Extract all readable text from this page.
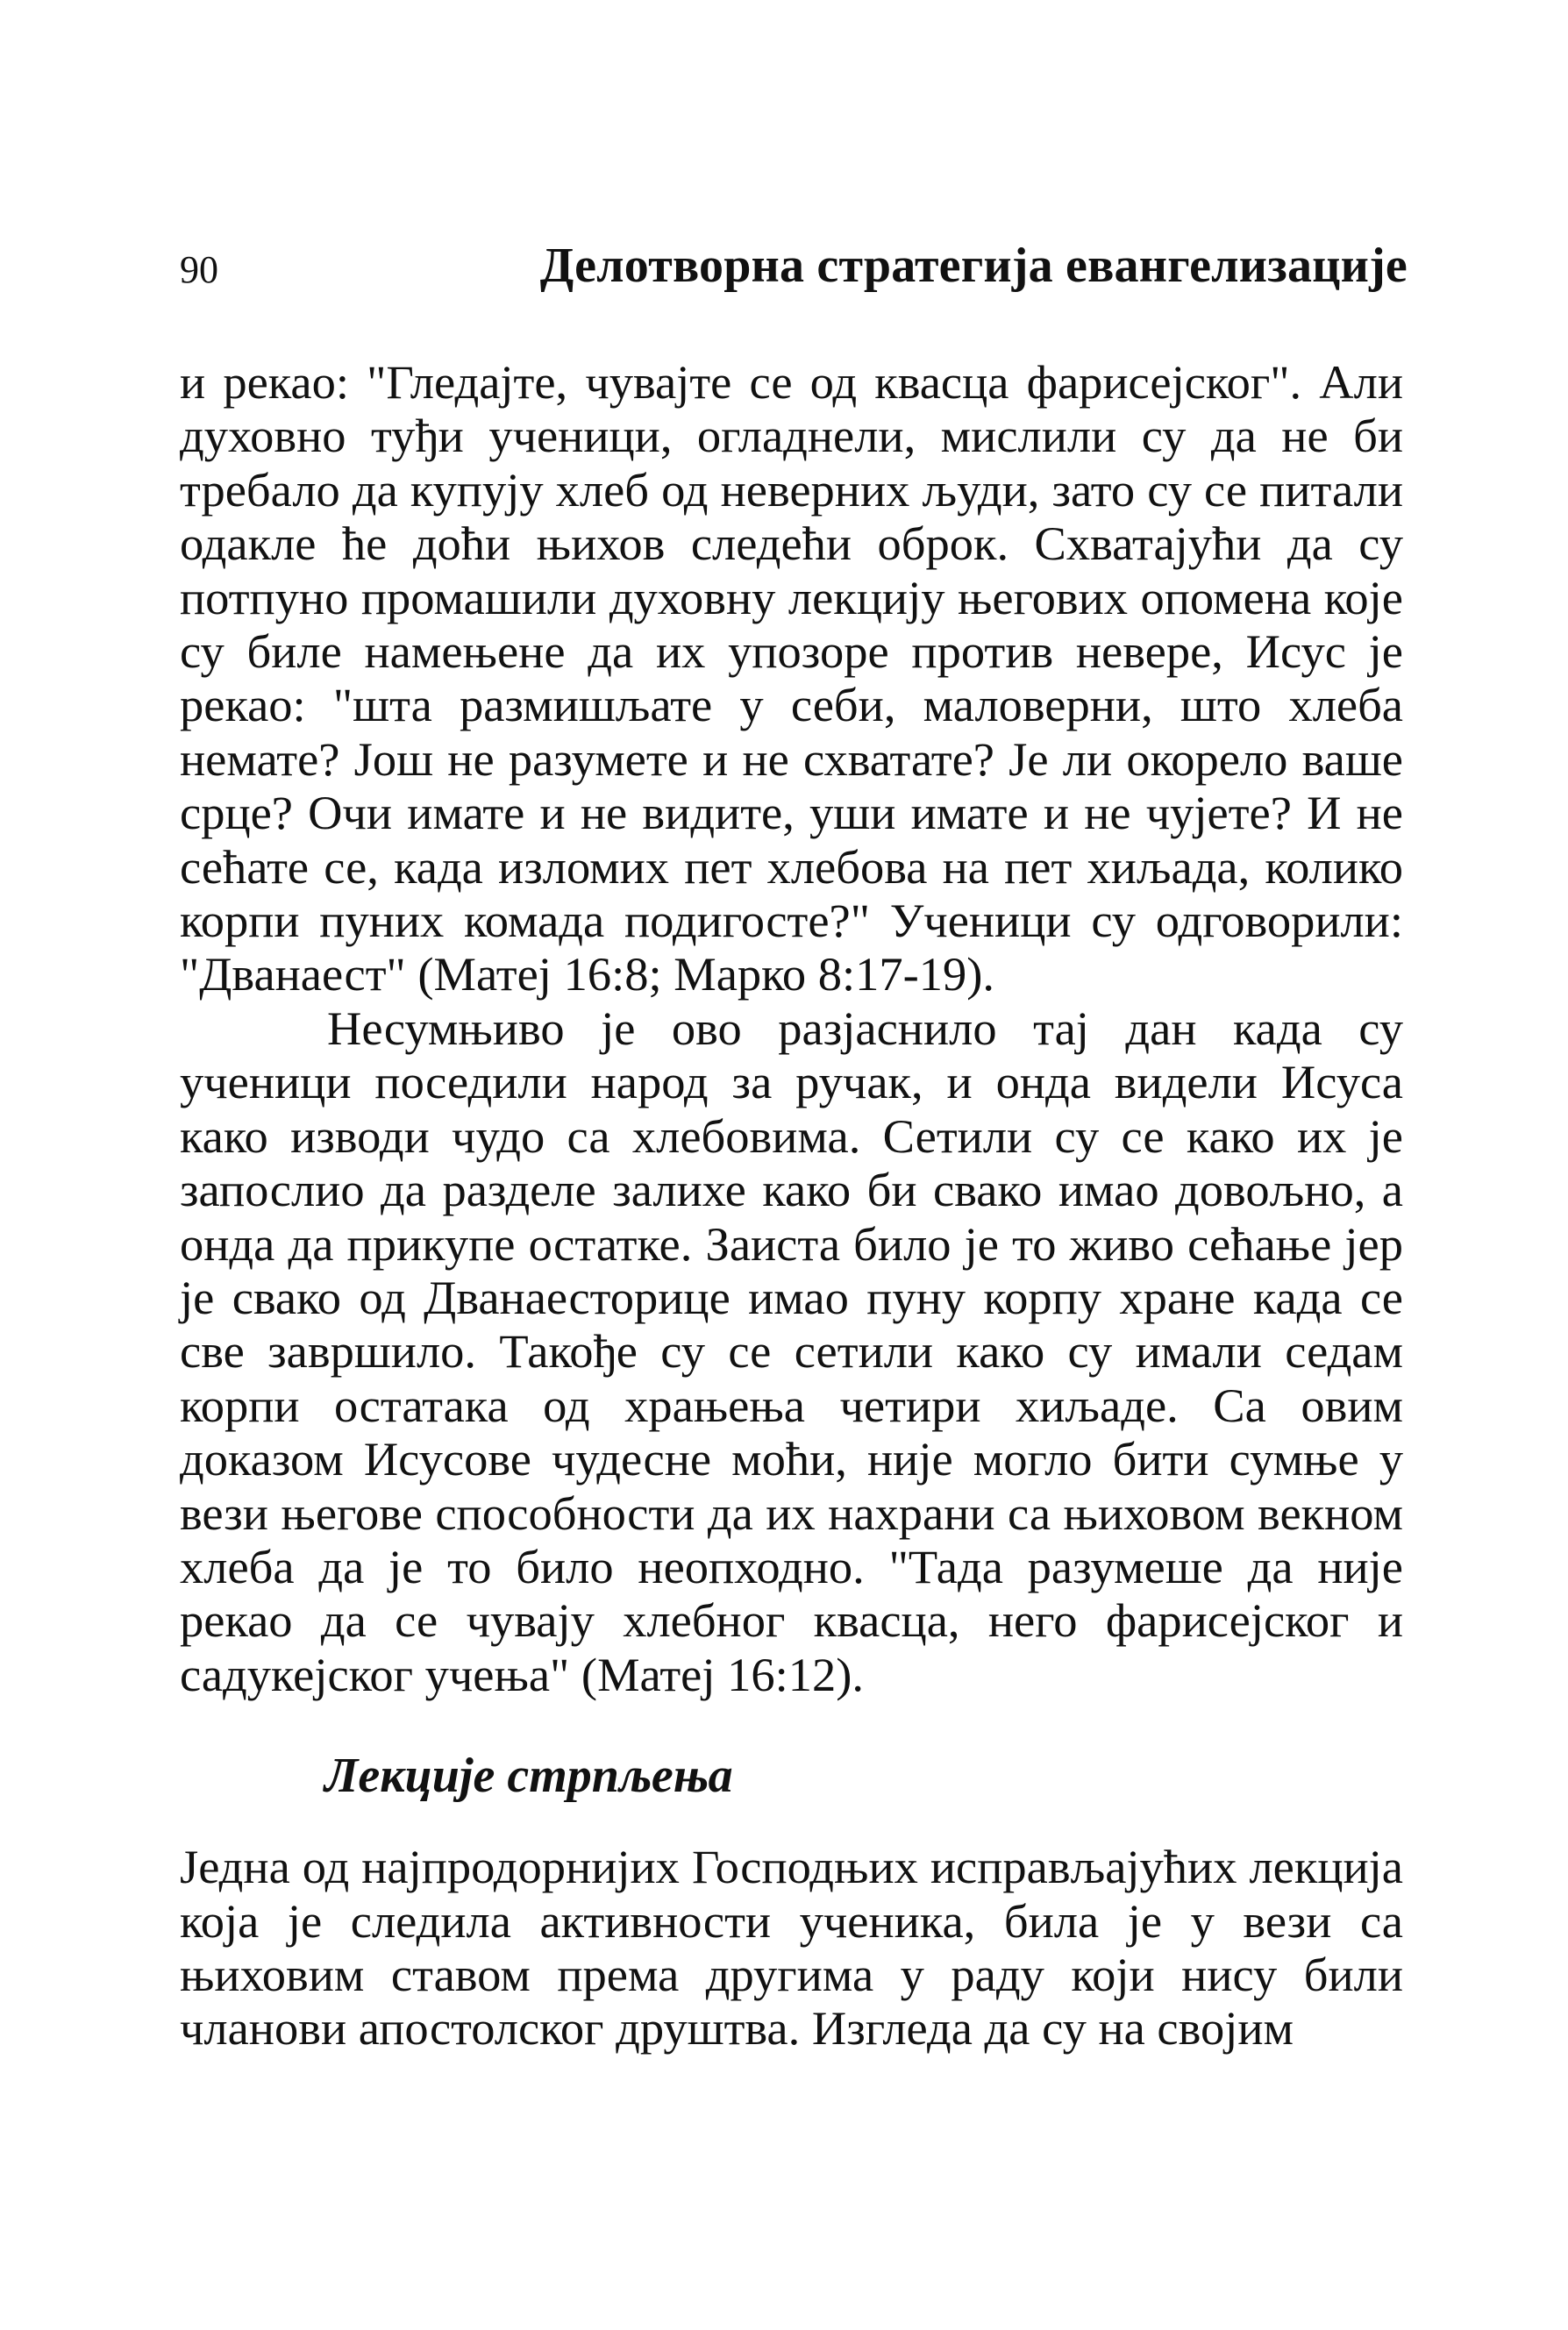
90	Делотворна стратегија евангелизације

и рекао: "Гледајте, чувајте се од квасца фарисејског". Али духовно туђи ученици, огладнели, мислили су да не би требало да купују хлеб од неверних људи, зато су се питали одакле ће доћи њихов следећи оброк. Схватајући да су потпуно промашили духовну лекцију његових опомена које су биле намењене да их упозоре против невере, Исус је рекао: "шта размишљате у себи, маловерни, што хлеба немате? Још не разумете и не схватате? Је ли окорело ваше срце? Очи имате и не видите, уши имате и не чујете? И не сећате се, када изломих пет хлебова на пет хиљада, колико корпи пуних комада подигосте?" Ученици су одговорили: "Дванаест" (Матеј 16:8; Марко 8:17-19).

Несумњиво је ово разјаснило тај дан када су ученици поседили народ за ручак, и онда видели Исуса како изводи чудо са хлебовима. Сетили су се како их је запослио да разделе залихе како би свако имао довољно, а онда да прикупе остатке. Заиста било је то живо сећање јер је свако од Дванаесторице имао пуну корпу хране када се све завршило. Такође су се сетили како су имали седам корпи остатака од храњења четири хиљаде. Са овим доказом Исусове чудесне моћи, није могло бити сумње у вези његове способности да их нахрани са њиховом векном хлеба да је то било неопходно. "Тада разумеше да није рекао да се чувају хлебног квасца, него фарисејског и садукејског учења" (Матеј 16:12).

Лекције стрпљења

Једна од најпродорнијих Господњих исправљајућих лекција која је следила активности ученика, била је у вези са њиховим ставом према другима у раду који нису били чланови апостолског друштва. Изгледа да су на својим
